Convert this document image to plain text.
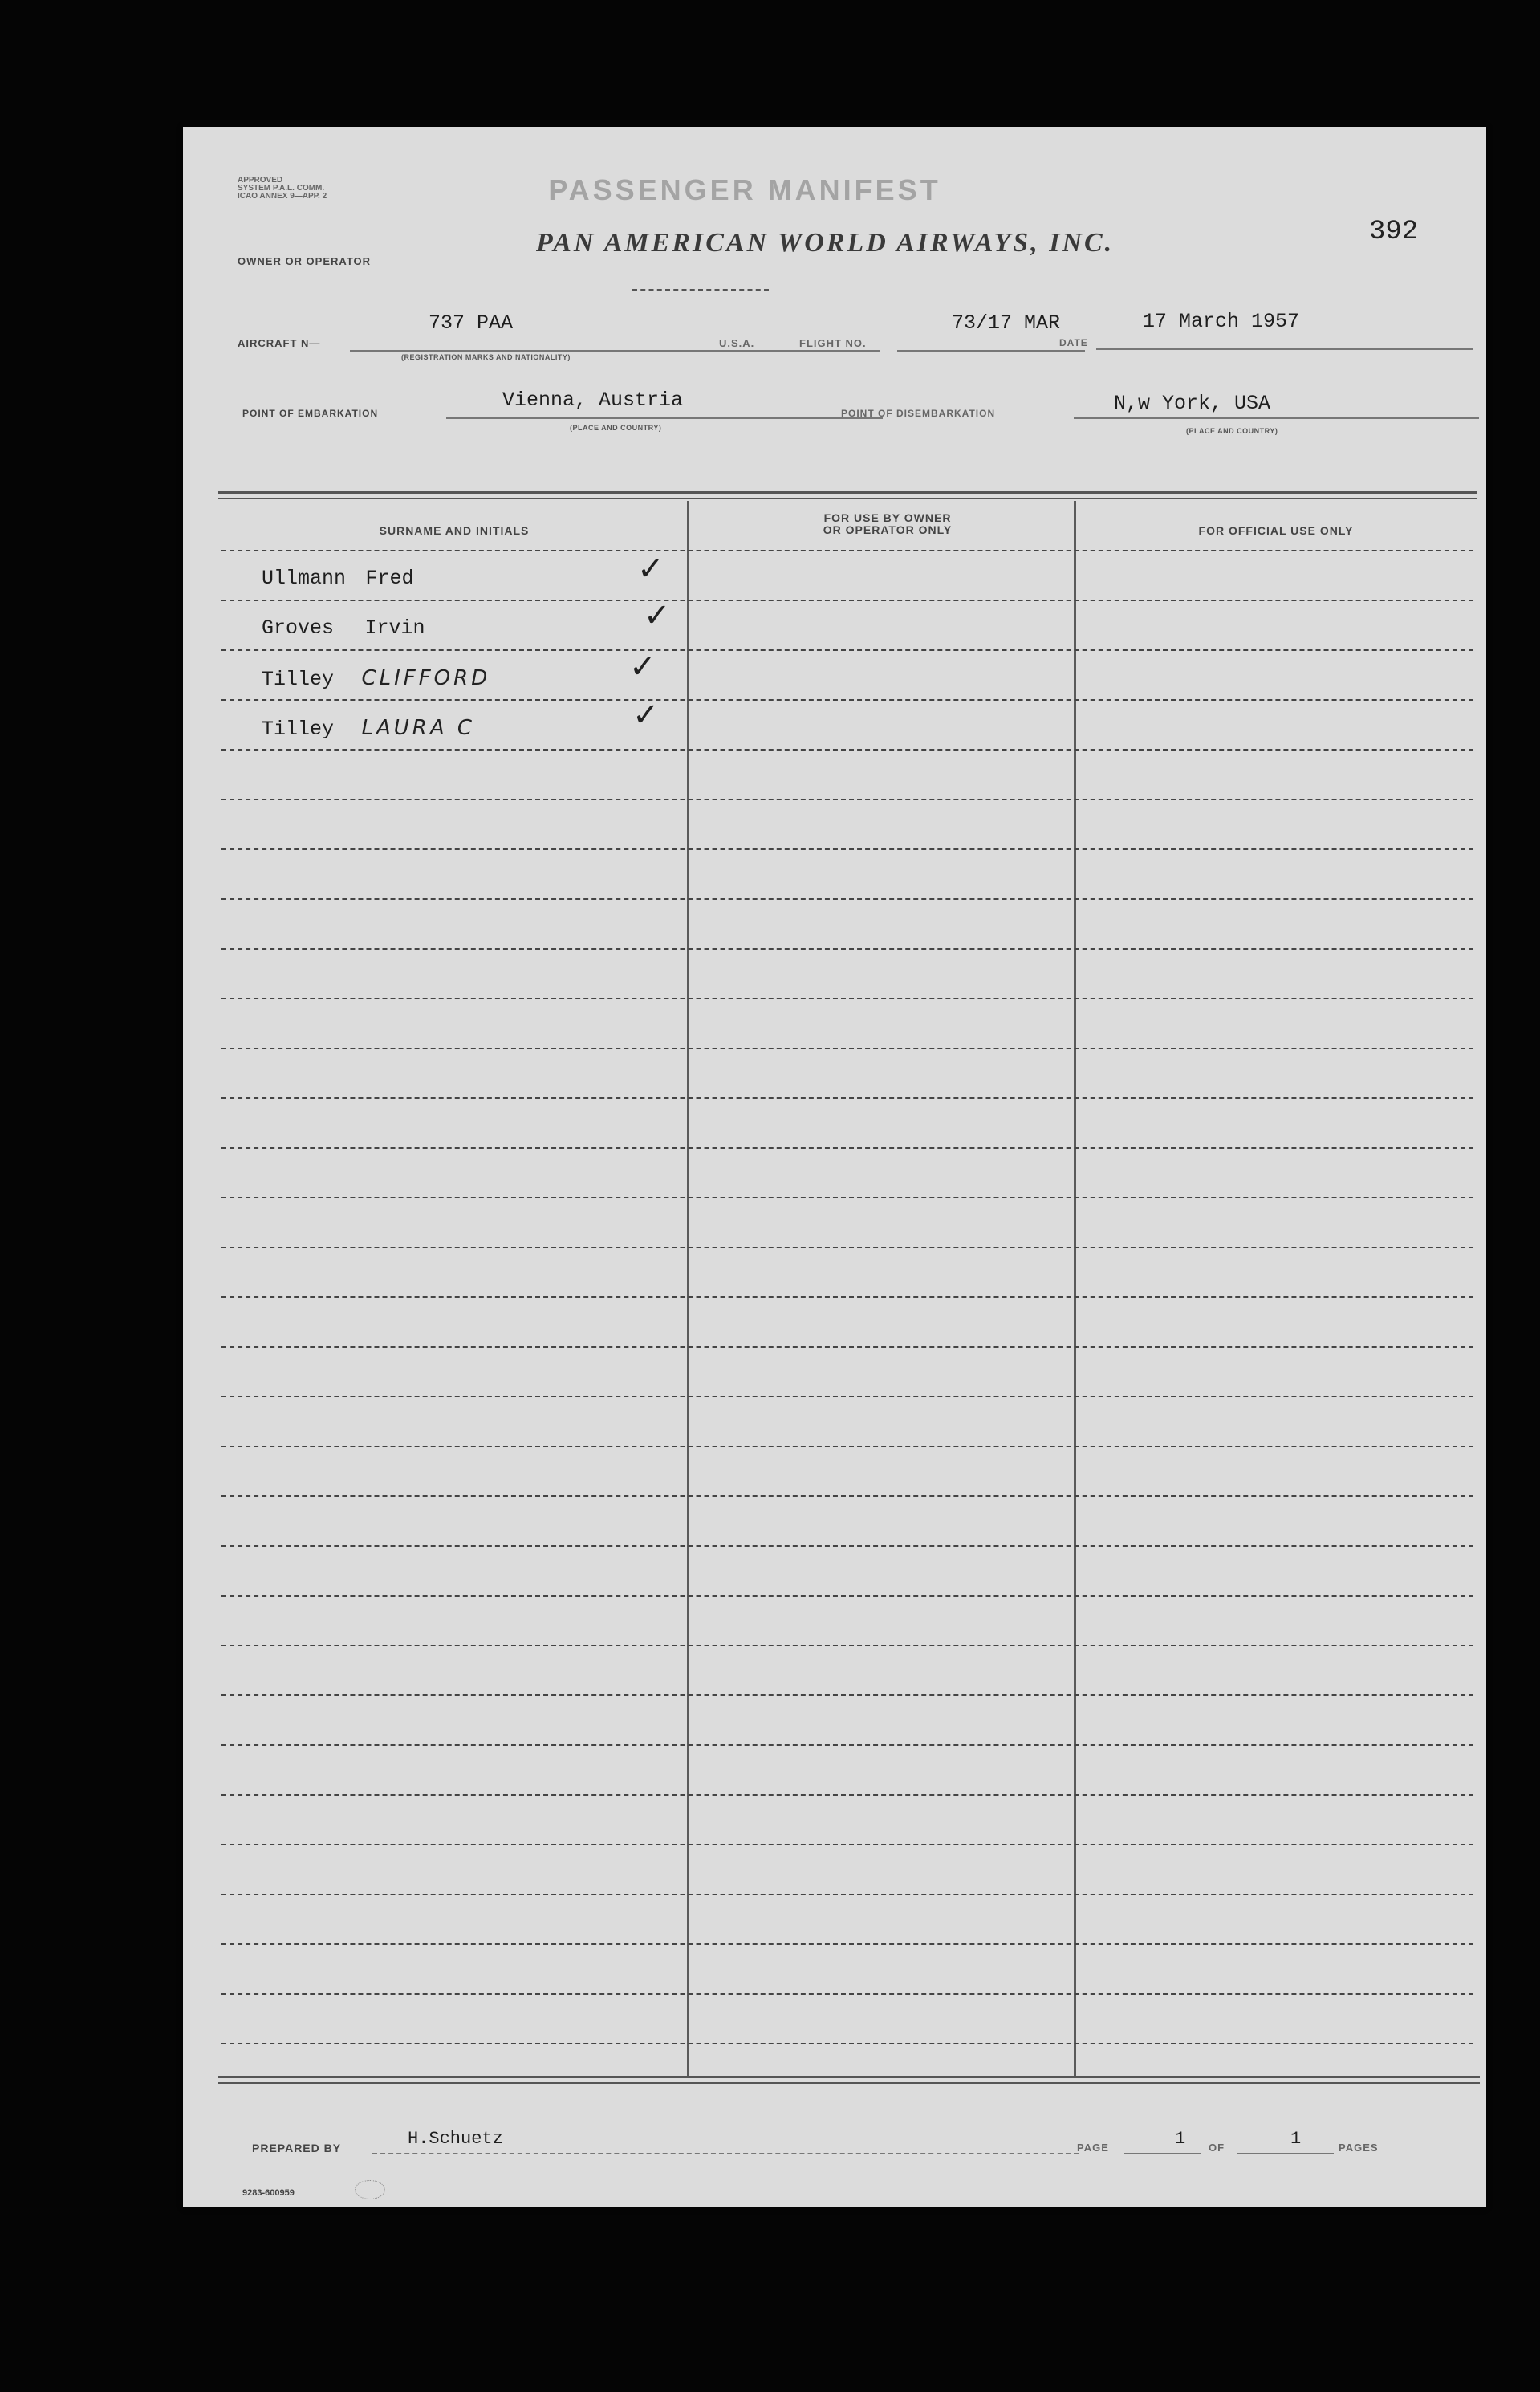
APPROVED
SYSTEM P.A.L. COMM.
ICAO ANNEX 9—APP. 2	PASSENGER MANIFEST
392
OWNER OR OPERATOR
PAN AMERICAN WORLD AIRWAYS, INC.
AIRCRAFT N—
737 PAA
(REGISTRATION MARKS AND NATIONALITY)
U.S.A.	FLIGHT NO.
73/17 MAR
DATE
17 March 1957
POINT OF EMBARKATION
Vienna, Austria
(PLACE AND COUNTRY)
POINT OF DISEMBARKATION	N,w York, USA
(PLACE AND COUNTRY)
SURNAME AND INITIALS
FOR USE BY OWNER
OR OPERATOR ONLY	FOR OFFICIAL USE ONLY
Ullmann Fred	✓
Groves Irvin	✓
Tilley CLIFFORD	✓
Tilley LAURA C	✓
PREPARED BY	H.Schuetz	PAGE	1 OF	1	PAGES
9283-600959
